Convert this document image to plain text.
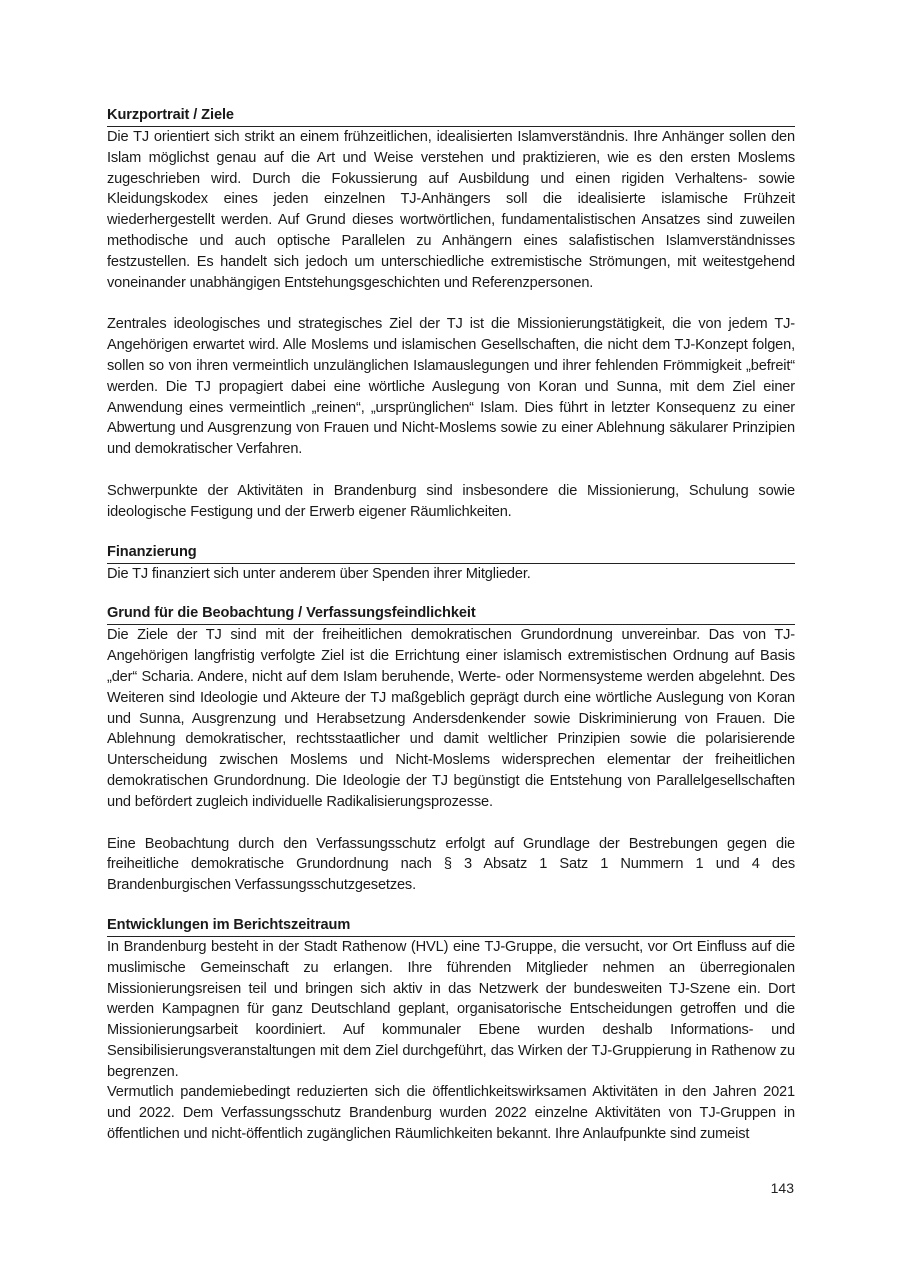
Kurzportrait / Ziele

Die TJ orientiert sich strikt an einem frühzeitlichen, idealisierten Islamverständnis. Ihre Anhänger sollen den Islam möglichst genau auf die Art und Weise verstehen und praktizieren, wie es den ersten Moslems zugeschrieben wird. Durch die Fokussierung auf Ausbildung und einen rigiden Verhaltens- sowie Kleidungskodex eines jeden einzelnen TJ-Anhängers soll die idealisierte islamische Frühzeit wiederhergestellt werden. Auf Grund dieses wortwörtlichen, fundamentalistischen Ansatzes sind zuweilen methodische und auch optische Parallelen zu Anhängern eines salafistischen Islamverständnisses festzustellen. Es handelt sich jedoch um unterschiedliche extremistische Strömungen, mit weitestgehend voneinander unabhängigen Entstehungsgeschichten und Referenzpersonen.

Zentrales ideologisches und strategisches Ziel der TJ ist die Missionierungstätigkeit, die von jedem TJ-Angehörigen erwartet wird. Alle Moslems und islamischen Gesellschaften, die nicht dem TJ-Konzept folgen, sollen so von ihren vermeintlich unzulänglichen Islamauslegungen und ihrer fehlenden Frömmigkeit „befreit“ werden. Die TJ propagiert dabei eine wörtliche Auslegung von Koran und Sunna, mit dem Ziel einer Anwendung eines vermeintlich „reinen“, „ursprünglichen“ Islam. Dies führt in letzter Konsequenz zu einer Abwertung und Ausgrenzung von Frauen und Nicht-Moslems sowie zu einer Ablehnung säkularer Prinzipien und demokratischer Verfahren.

Schwerpunkte der Aktivitäten in Brandenburg sind insbesondere die Missionierung, Schulung sowie ideologische Festigung und der Erwerb eigener Räumlichkeiten.

Finanzierung

Die TJ finanziert sich unter anderem über Spenden ihrer Mitglieder.

Grund für die Beobachtung / Verfassungsfeindlichkeit

Die Ziele der TJ sind mit der freiheitlichen demokratischen Grundordnung unvereinbar. Das von TJ-Angehörigen langfristig verfolgte Ziel ist die Errichtung einer islamisch extremistischen Ordnung auf Basis „der“ Scharia. Andere, nicht auf dem Islam beruhende, Werte- oder Normensysteme werden abgelehnt. Des Weiteren sind Ideologie und Akteure der TJ maßgeblich geprägt durch eine wörtliche Auslegung von Koran und Sunna, Ausgrenzung und Herabsetzung Andersdenkender sowie Diskriminierung von Frauen. Die Ablehnung demokratischer, rechtsstaatlicher und damit weltlicher Prinzipien sowie die polarisierende Unterscheidung zwischen Moslems und Nicht-Moslems widersprechen elementar der freiheitlichen demokratischen Grundordnung. Die Ideologie der TJ begünstigt die Entstehung von Parallelgesellschaften und befördert zugleich individuelle Radikalisierungsprozesse.

Eine Beobachtung durch den Verfassungsschutz erfolgt auf Grundlage der Bestrebungen gegen die freiheitliche demokratische Grundordnung nach § 3 Absatz 1 Satz 1 Nummern 1 und 4 des Brandenburgischen Verfassungsschutzgesetzes.

Entwicklungen im Berichtszeitraum

In Brandenburg besteht in der Stadt Rathenow (HVL) eine TJ-Gruppe, die versucht, vor Ort Einfluss auf die muslimische Gemeinschaft zu erlangen. Ihre führenden Mitglieder nehmen an überregionalen Missionierungsreisen teil und bringen sich aktiv in das Netzwerk der bundesweiten TJ-Szene ein. Dort werden Kampagnen für ganz Deutschland geplant, organisatorische Entscheidungen getroffen und die Missionierungsarbeit koordiniert. Auf kommunaler Ebene wurden deshalb Informations- und Sensibilisierungsveranstaltungen mit dem Ziel durchgeführt, das Wirken der TJ-Gruppierung in Rathenow zu begrenzen.

Vermutlich pandemiebedingt reduzierten sich die öffentlichkeitswirksamen Aktivitäten in den Jahren 2021 und 2022. Dem Verfassungsschutz Brandenburg wurden 2022 einzelne Aktivitäten von TJ-Gruppen in öffentlichen und nicht-öffentlich zugänglichen Räumlichkeiten bekannt. Ihre Anlaufpunkte sind zumeist

143
